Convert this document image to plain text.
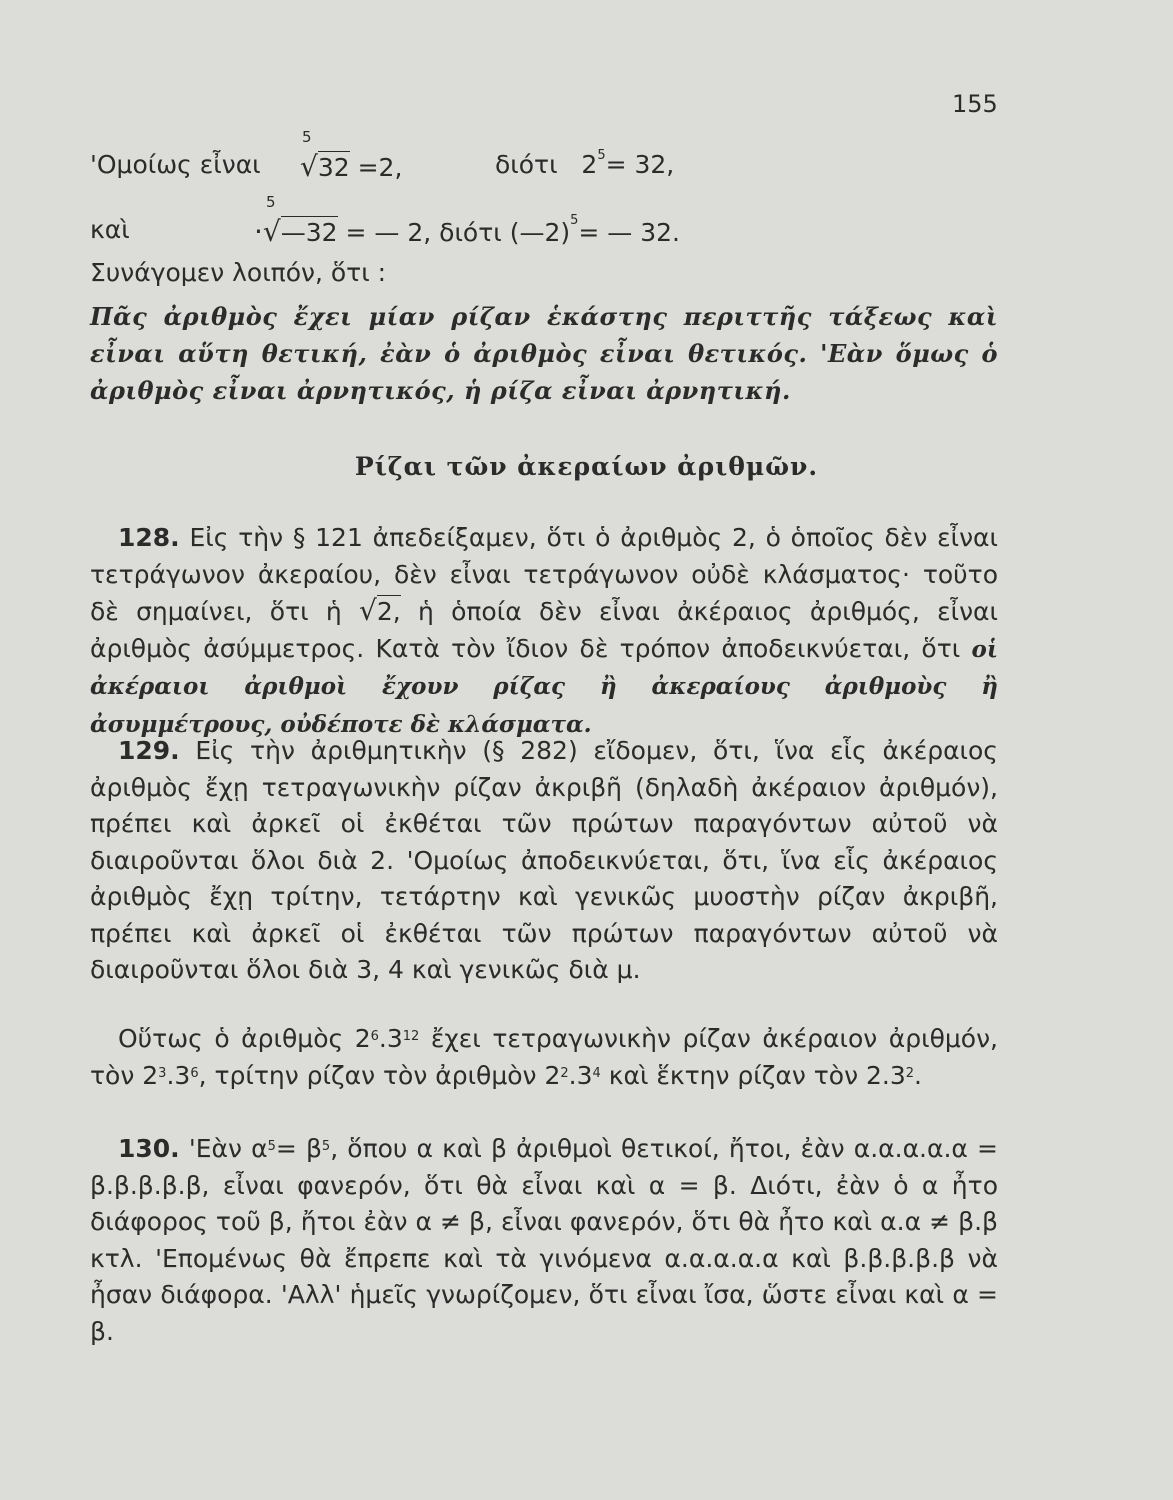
155
'Ομοίως εἶναι
5
√32 =2,	διότι $2^5= 32$,
καὶ
5
·√—32 = — 2, διότι (—2)$^5$= — 32.
Συνάγομεν λοιπόν, ὅτι :
Πᾶς ἀριθμὸς ἔχει μίαν ρίζαν ἑκάστης περιττῆς τάξεως καὶ εἶναι αὕτη θετική, ἐὰν ὁ ἀριθμὸς εἶναι θετικός. 'Εὰν ὅμως ὁ ἀριθμὸς εἶναι ἀρνητικός, ἡ ρίζα εἶναι ἀρνητική.
Ρίζαι τῶν ἀκεραίων ἀριθμῶν.
128. Εἰς τὴν § 121 ἀπεδείξαμεν, ὅτι ὁ ἀριθμὸς 2, ὁ ὁποῖος δὲν εἶναι τετράγωνον ἀκεραίου, δὲν εἶναι τετράγωνον οὐδὲ κλάσματος· τοῦτο δὲ σημαίνει, ὅτι ἡ √2, ἡ ὁποία δὲν εἶναι ἀκέραιος ἀριθμός, εἶναι ἀριθμὸς ἀσύμμετρος. Κατὰ τὸν ἴδιον δὲ τρόπον ἀποδεικνύεται, ὅτι οἱ ἀκέραιοι ἀριθμοὶ ἔχουν ρίζας ἢ ἀκεραίους ἀριθμοὺς ἢ ἀσυμμέτρους, οὐδέποτε δὲ κλάσματα.
129. Εἰς τὴν ἀριθμητικὴν (§ 282) εἴδομεν, ὅτι, ἵνα εἷς ἀκέραιος ἀριθμὸς ἔχῃ τετραγωνικὴν ρίζαν ἀκριβῆ (δηλαδὴ ἀκέραιον ἀριθμόν), πρέπει καὶ ἀρκεῖ οἱ ἐκθέται τῶν πρώτων παραγόντων αὐτοῦ νὰ διαιροῦνται ὅλοι διὰ 2. 'Ομοίως ἀποδεικνύεται, ὅτι, ἵνα εἷς ἀκέραιος ἀριθμὸς ἔχῃ τρίτην, τετάρτην καὶ γενικῶς μυοστὴν ρίζαν ἀκριβῆ, πρέπει καὶ ἀρκεῖ οἱ ἐκθέται τῶν πρώτων παραγόντων αὐτοῦ νὰ διαιροῦνται ὅλοι διὰ 3, 4 καὶ γενικῶς διὰ μ.
Οὕτως ὁ ἀριθμὸς $2^6.3^{12}$ ἔχει τετραγωνικὴν ρίζαν ἀκέραιον ἀριθμόν, τὸν $2^3.3^6$, τρίτην ρίζαν τὸν ἀριθμὸν $2^2.3^4$ καὶ ἕκτην ρίζαν τὸν $2.3^2$.
130. 'Εὰν $\alpha^5= \beta^5$, ὅπου α καὶ β ἀριθμοὶ θετικοί, ἤτοι, ἐὰν α.α.α.α.α = β.β.β.β.β, εἶναι φανερόν, ὅτι θὰ εἶναι καὶ α = β. Διότι, ἐὰν ὁ α ἦτο διάφορος τοῦ β, ἤτοι ἐὰν α ≠ β, εἶναι φανερόν, ὅτι θὰ ἦτο καὶ α.α ≠ β.β κτλ. 'Επομένως θὰ ἔπρεπε καὶ τὰ γινόμενα α.α.α.α.α καὶ β.β.β.β.β νὰ ἦσαν διάφορα. 'Αλλ' ἡμεῖς γνωρίζομεν, ὅτι εἶναι ἴσα, ὥστε εἶναι καὶ α = β.
